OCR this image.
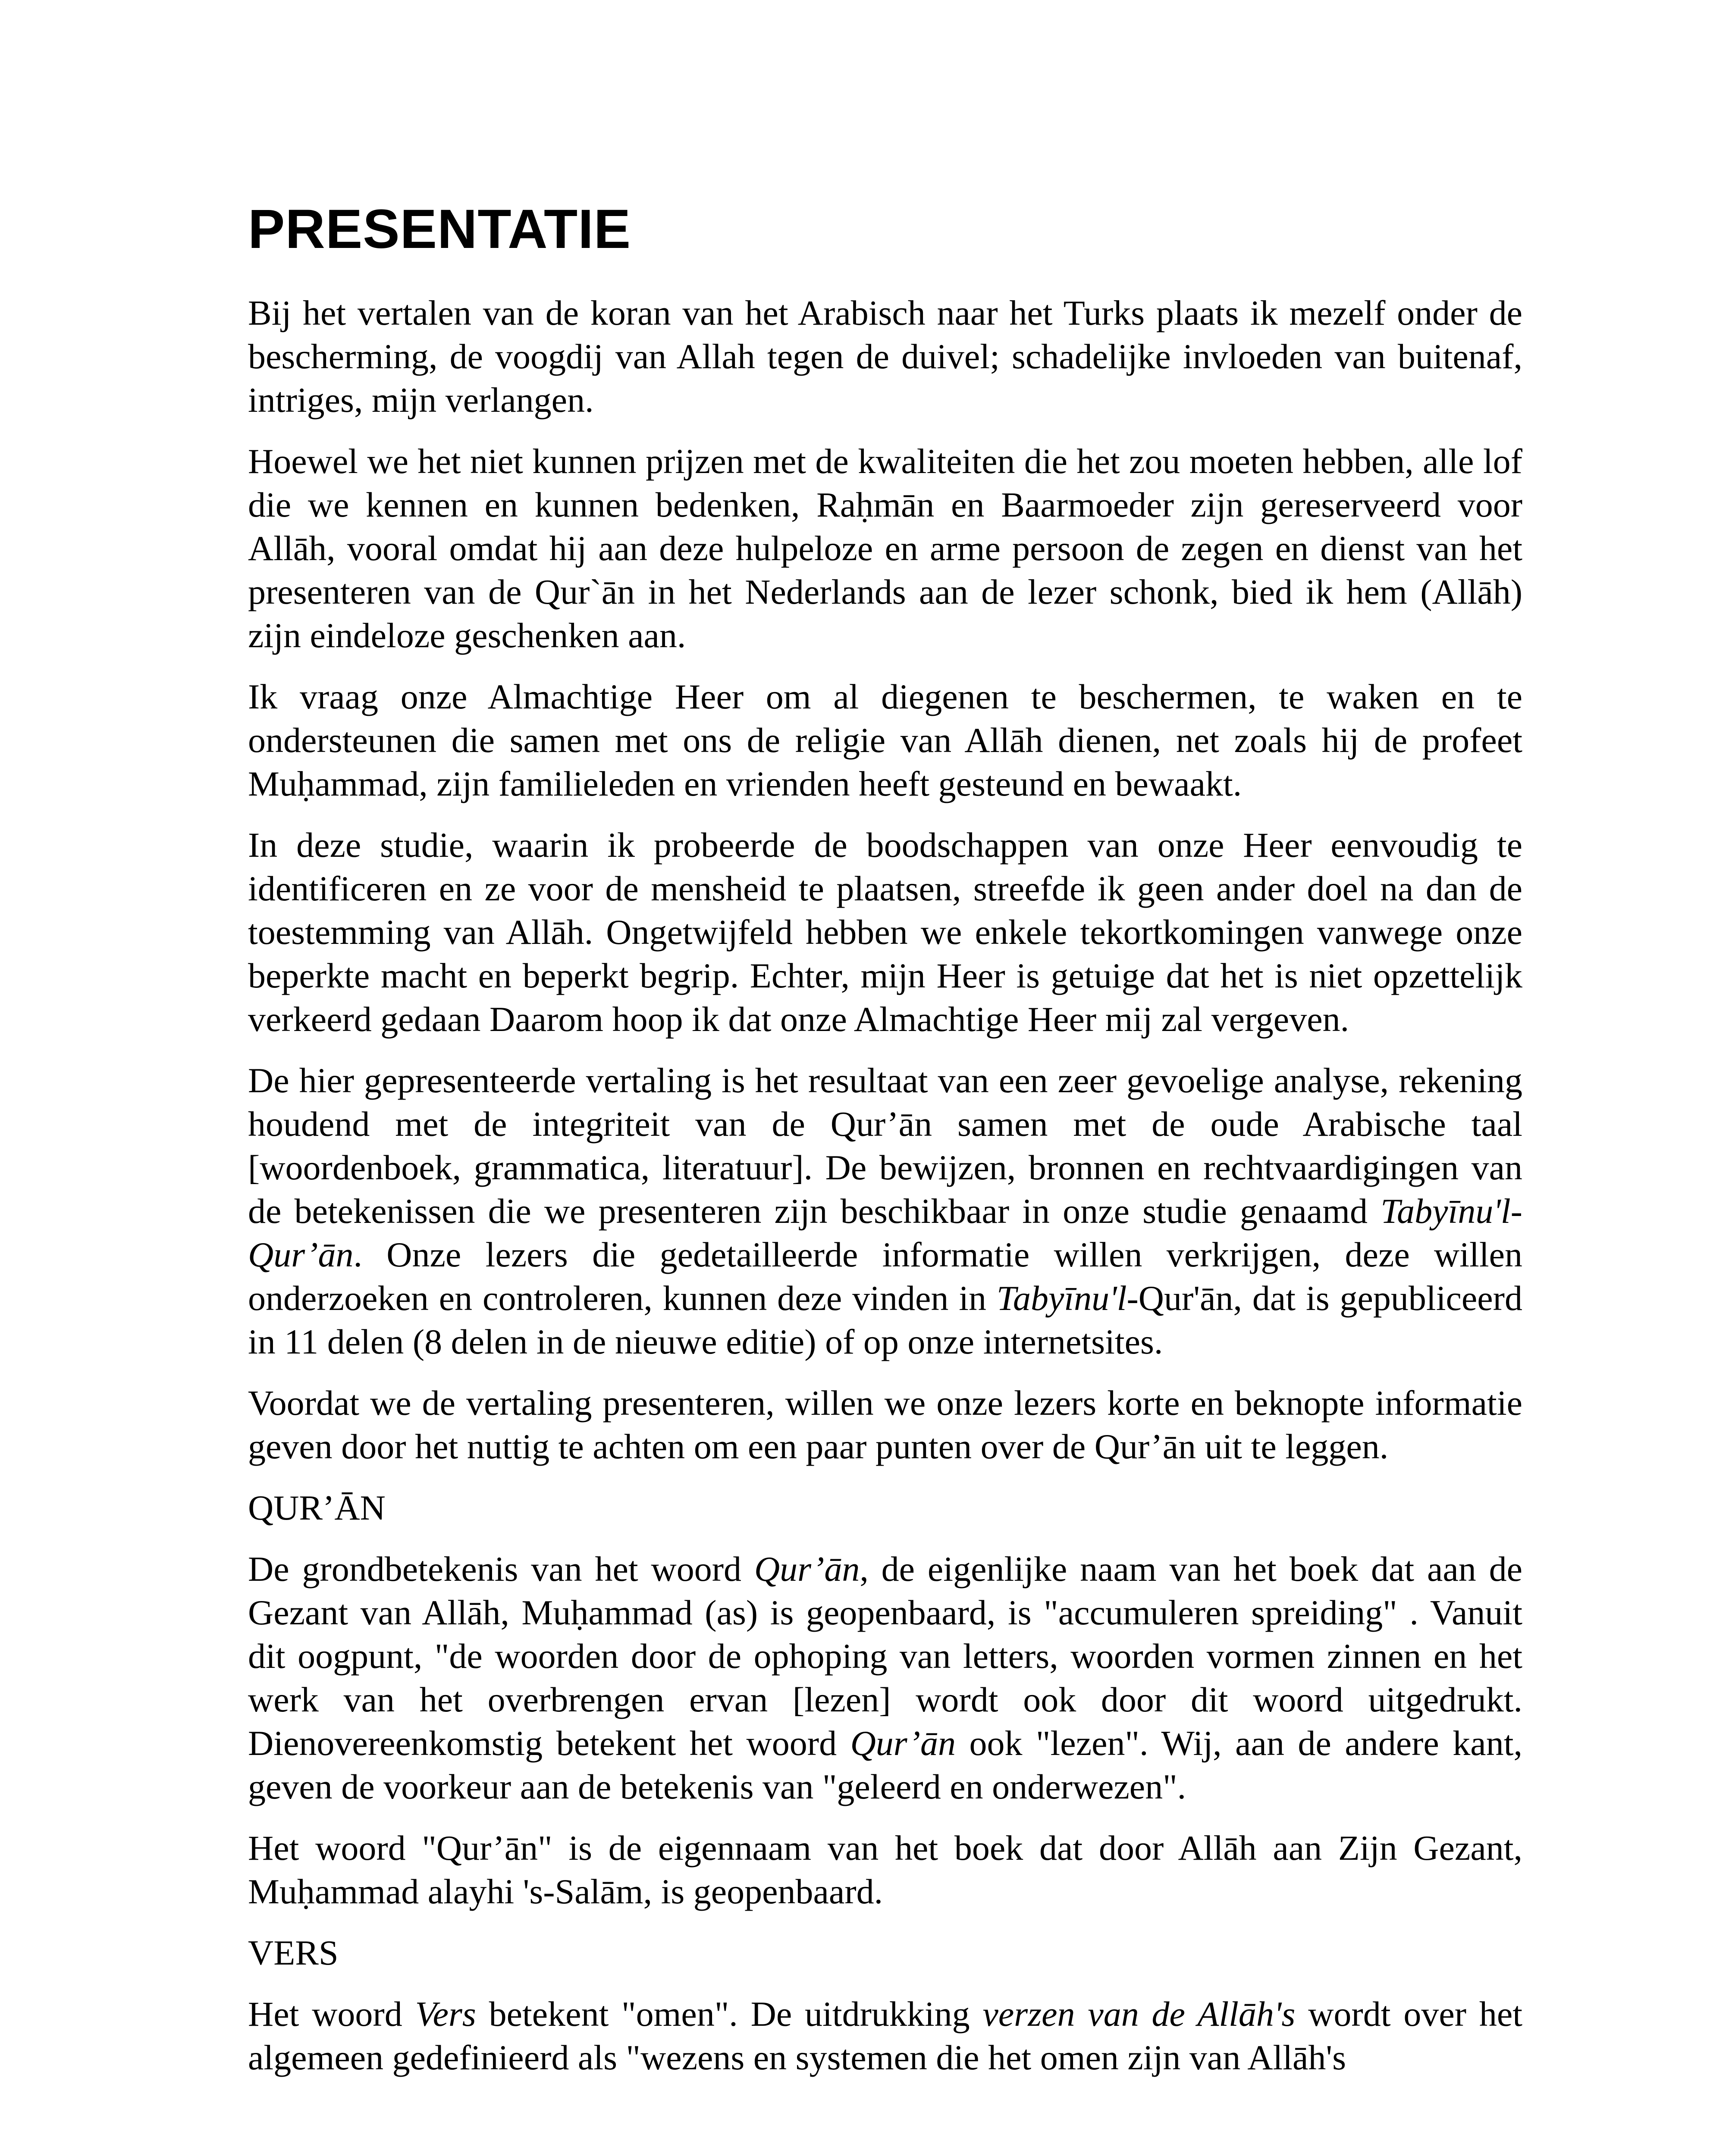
PRESENTATIE

Bij het vertalen van de koran van het Arabisch naar het Turks plaats ik mezelf onder de bescherming, de voogdij van Allah tegen de duivel; schadelijke invloeden van buitenaf, intriges, mijn verlangen.

Hoewel we het niet kunnen prijzen met de kwaliteiten die het zou moeten hebben, alle lof die we kennen en kunnen bedenken, Raḥmān en Baarmoeder zijn gereserveerd voor Allāh, vooral omdat hij aan deze hulpeloze en arme persoon de zegen en dienst van het presenteren van de Qur`ān in het Nederlands aan de lezer schonk, bied ik hem (Allāh) zijn eindeloze geschenken aan.

Ik vraag onze Almachtige Heer om al diegenen te beschermen, te waken en te ondersteunen die samen met ons de religie van Allāh dienen, net zoals hij de profeet Muḥammad, zijn familieleden en vrienden heeft gesteund en bewaakt.

In deze studie, waarin ik probeerde de boodschappen van onze Heer eenvoudig te identificeren en ze voor de mensheid te plaatsen, streefde ik geen ander doel na dan de toestemming van Allāh. Ongetwijfeld hebben we enkele tekortkomingen vanwege onze beperkte macht en beperkt begrip. Echter, mijn Heer is getuige dat het is niet opzettelijk verkeerd gedaan Daarom hoop ik dat onze Almachtige Heer mij zal vergeven.

De hier gepresenteerde vertaling is het resultaat van een zeer gevoelige analyse, rekening houdend met de integriteit van de Qur’ān samen met de oude Arabische taal [woordenboek, grammatica, literatuur]. De bewijzen, bronnen en rechtvaardigingen van de betekenissen die we presenteren zijn beschikbaar in onze studie genaamd Tabyīnu'l-Qur’ān. Onze lezers die gedetailleerde informatie willen verkrijgen, deze willen onderzoeken en controleren, kunnen deze vinden in Tabyīnu'l-Qur'ān, dat is gepubliceerd in 11 delen (8 delen in de nieuwe editie) of op onze internetsites.

Voordat we de vertaling presenteren, willen we onze lezers korte en beknopte informatie geven door het nuttig te achten om een paar punten over de Qur’ān uit te leggen.

QUR’ĀN

De grondbetekenis van het woord Qur’ān, de eigenlijke naam van het boek dat aan de Gezant van Allāh, Muḥammad (as) is geopenbaard, is "accumuleren spreiding" . Vanuit dit oogpunt, "de woorden door de ophoping van letters, woorden vormen zinnen en het werk van het overbrengen ervan [lezen] wordt ook door dit woord uitgedrukt. Dienovereenkomstig betekent het woord Qur’ān ook "lezen". Wij, aan de andere kant, geven de voorkeur aan de betekenis van "geleerd en onderwezen".

Het woord "Qur’ān" is de eigennaam van het boek dat door Allāh aan Zijn Gezant, Muḥammad alayhi 's-Salām, is geopenbaard.

VERS

Het woord Vers betekent "omen". De uitdrukking verzen van de Allāh's wordt over het algemeen gedefinieerd als "wezens en systemen die het omen zijn van Allāh's
